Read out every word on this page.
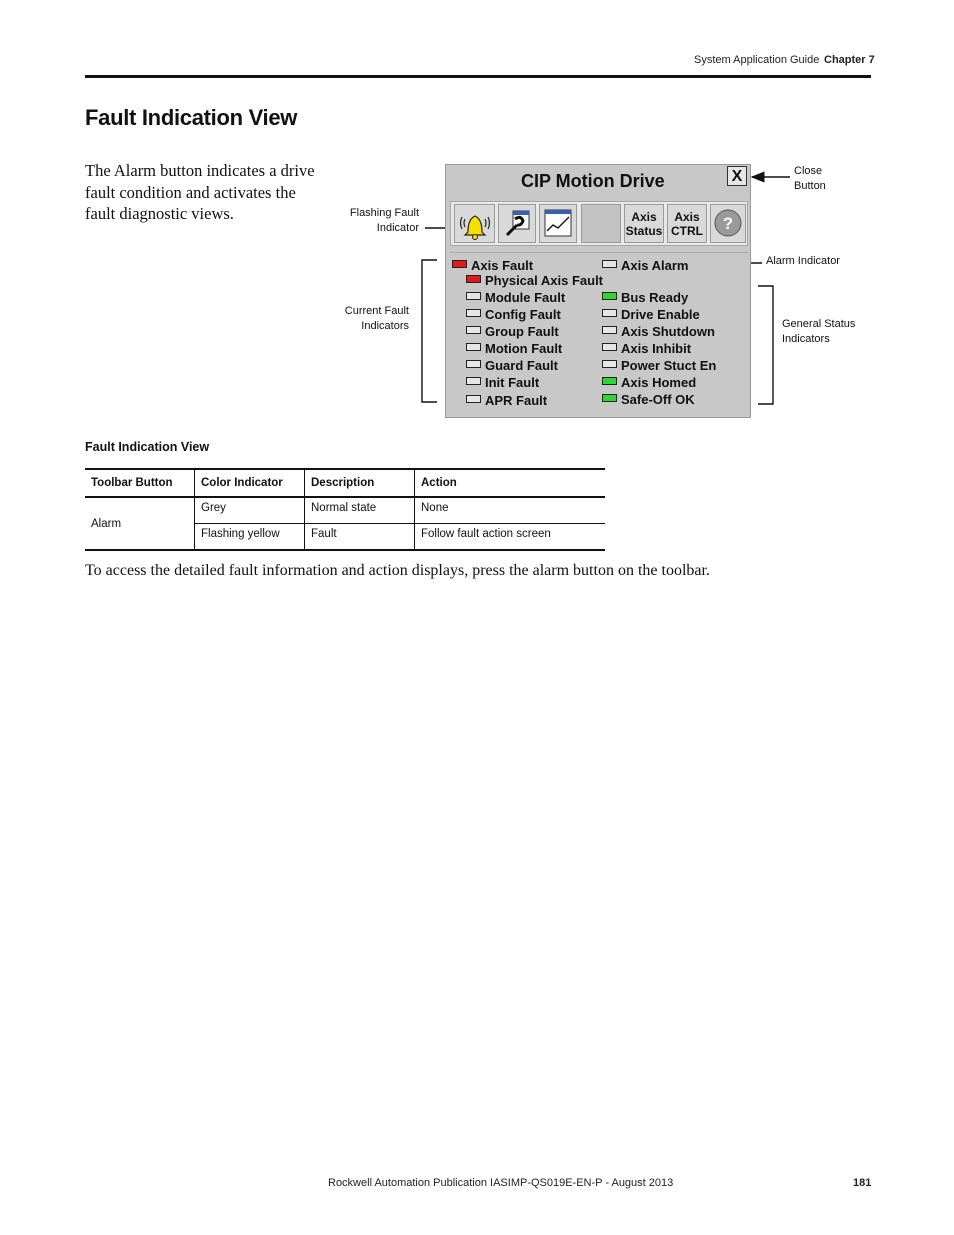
System Application Guide Chapter 7
Fault Indication View
The Alarm button indicates a drive fault condition and activates the fault diagnostic views.
Close
Button
Flashing Fault
Indicator
Alarm Indicator
Current Fault
Indicators	General Status
Indicators
CIP Motion Drive	X
Axis
Status
Axis
CTRL ?
Axis Fault
Physical Axis Fault
Module Fault
Config Fault
Group Fault
Motion Fault
Guard Fault
Init Fault
APR Fault
Axis Alarm
Bus Ready
Drive Enable
Axis Shutdown
Axis Inhibit
Power Stuct En
Axis Homed
Safe-Off OK
Fault Indication View
Toolbar Button	Color Indicator	Description	Action
Alarm	Grey	Normal state	None
	Flashing yellow	Fault	Follow fault action screen
To access the detailed fault information and action displays, press the alarm button on the toolbar.
Rockwell Automation Publication IASIMP-QS019E-EN-P - August 2013	181
